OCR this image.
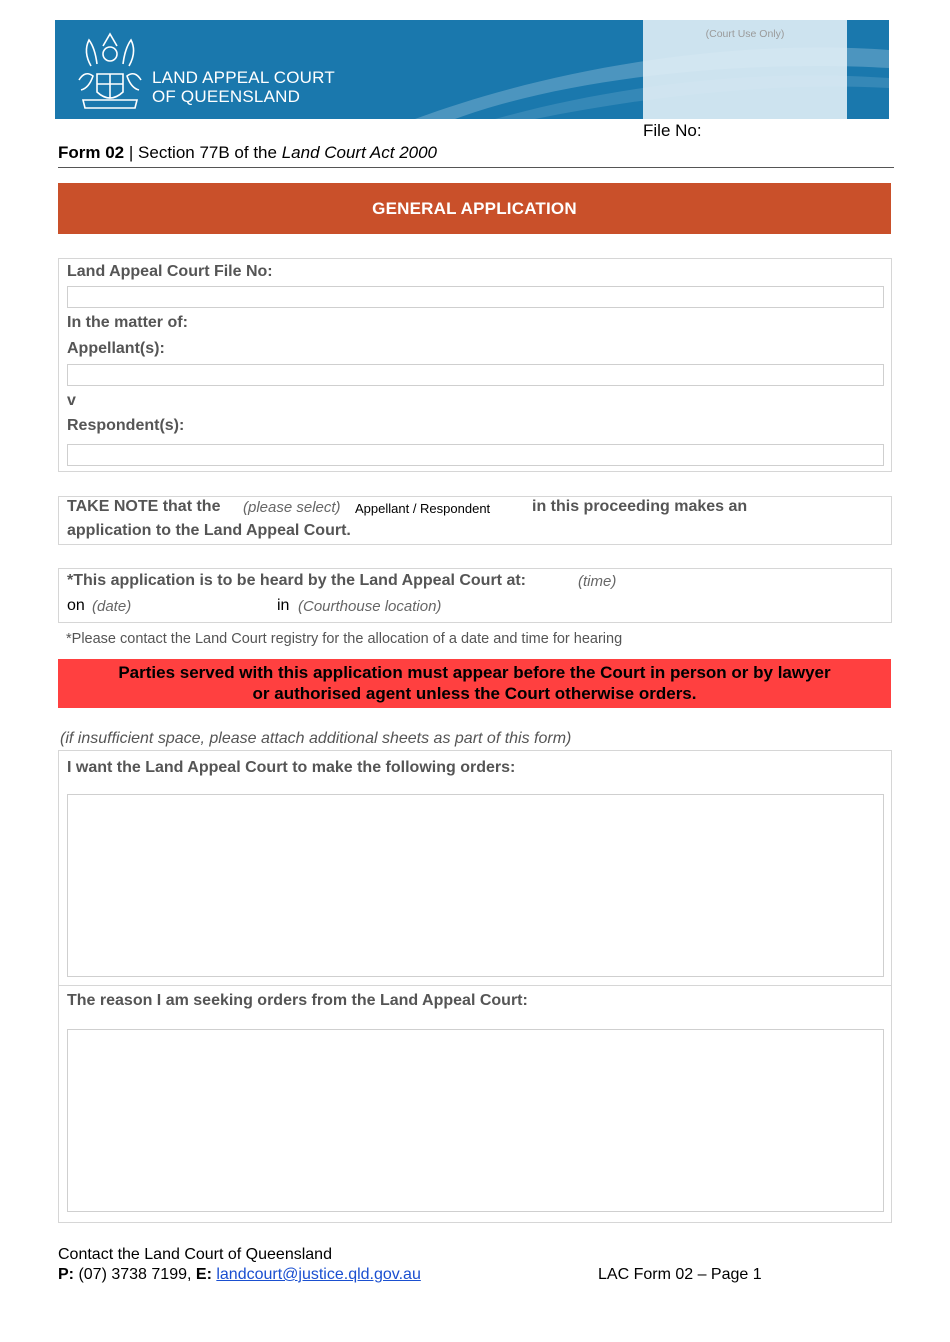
LAND APPEAL COURT
OF QUEENSLAND
(Court Use Only)
File No:
Form 02 | Section 77B of the Land Court Act 2000
GENERAL APPLICATION
Land Appeal Court File No:
In the matter of:
Appellant(s):
v
Respondent(s):
TAKE NOTE that the (please select) Appellant / Respondent	in this proceeding makes an
application to the Land Appeal Court.
*This application is to be heard by the Land Appeal Court at:	(time)
on (date)	in (Courthouse location)
*Please contact the Land Court registry for the allocation of a date and time for hearing
Parties served with this application must appear before the Court in person or by lawyer
or authorised agent unless the Court otherwise orders.
(if insufficient space, please attach additional sheets as part of this form)
I want the Land Appeal Court to make the following orders:
The reason I am seeking orders from the Land Appeal Court:
Contact the Land Court of Queensland
P: (07) 3738 7199, E: landcourt@justice.qld.gov.au	LAC Form 02 – Page 1
